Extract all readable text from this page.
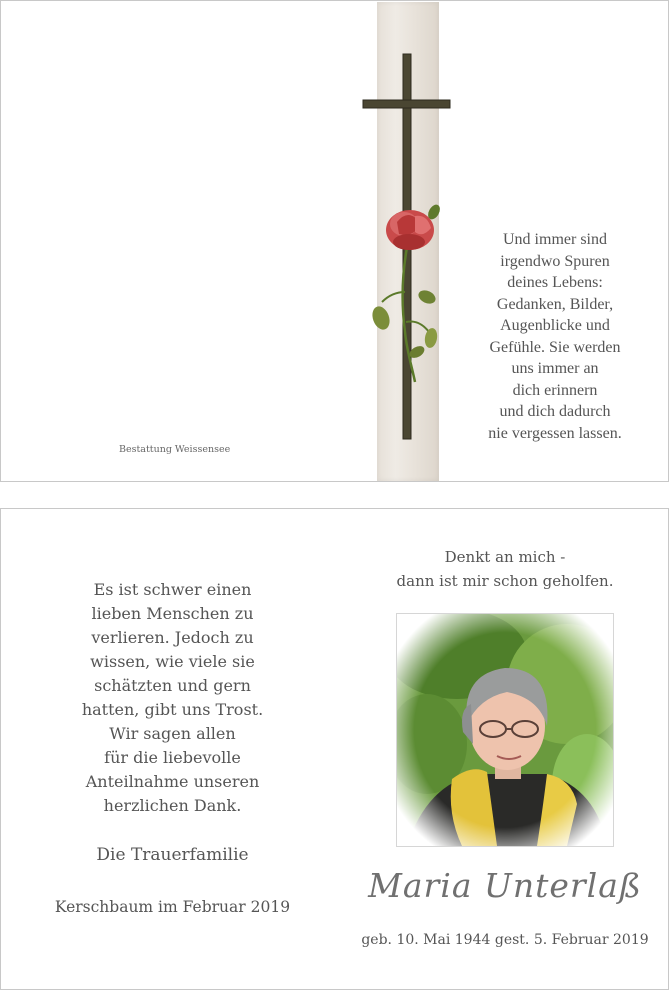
Und immer sind
irgendwo Spuren
deines Lebens:
Gedanken, Bilder,
Augenblicke und
Gefühle. Sie werden
uns immer an
dich erinnern
und dich dadurch
nie vergessen lassen.
Bestattung Weissensee
Es ist schwer einen
lieben Menschen zu
verlieren. Jedoch zu
wissen, wie viele sie
schätzten und gern
hatten, gibt uns Trost.
Wir sagen allen
für die liebevolle
Anteilnahme unseren
herzlichen Dank.
Die Trauerfamilie
Kerschbaum im Februar 2019
Denkt an mich -
dann ist mir schon geholfen.
Maria Unterlaß
geb. 10. Mai 1944 gest. 5. Februar 2019
